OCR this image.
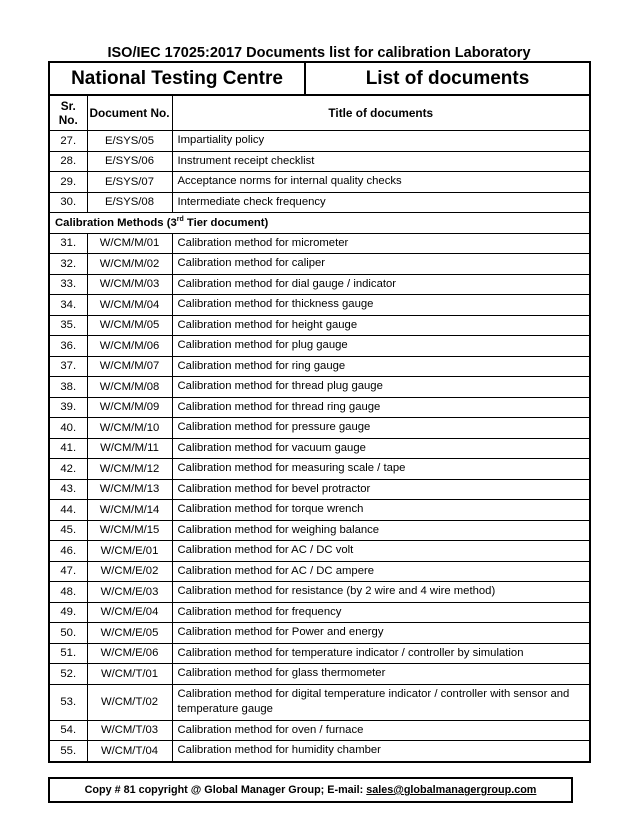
ISO/IEC 17025:2017 Documents list for calibration Laboratory
National Testing Centre			List of documents
Sr. No.	Document No.	Title of documents	
27.	E/SYS/05	Impartiality policy	
28.	E/SYS/06	Instrument receipt checklist	
29.	E/SYS/07	Acceptance norms for internal quality checks	
30.	E/SYS/08	Intermediate check frequency	
Calibration Methods (3rd Tier document)			
31.	W/CM/M/01	Calibration method for micrometer	
32.	W/CM/M/02	Calibration method for caliper	
33.	W/CM/M/03	Calibration method for dial gauge / indicator	
34.	W/CM/M/04	Calibration method for thickness gauge	
35.	W/CM/M/05	Calibration method for height gauge	
36.	W/CM/M/06	Calibration method for plug gauge	
37.	W/CM/M/07	Calibration method for ring gauge	
38.	W/CM/M/08	Calibration method for thread plug gauge	
39.	W/CM/M/09	Calibration method for thread ring gauge	
40.	W/CM/M/10	Calibration method for pressure gauge	
41.	W/CM/M/11	Calibration method for vacuum gauge	
42.	W/CM/M/12	Calibration method for measuring scale / tape	
43.	W/CM/M/13	Calibration method for bevel protractor	
44.	W/CM/M/14	Calibration method for torque wrench	
45.	W/CM/M/15	Calibration method for weighing balance	
46.	W/CM/E/01	Calibration method for AC / DC volt	
47.	W/CM/E/02	Calibration method for AC / DC ampere	
48.	W/CM/E/03	Calibration method for resistance (by 2 wire and 4 wire method)	
49.	W/CM/E/04	Calibration method for frequency	
50.	W/CM/E/05	Calibration method for Power and energy	
51.	W/CM/E/06	Calibration method for temperature indicator / controller by simulation	
52.	W/CM/T/01	Calibration method for glass thermometer	
53.	W/CM/T/02	Calibration method for digital temperature indicator / controller with sensor and temperature gauge	
54.	W/CM/T/03	Calibration method for oven / furnace	
55.	W/CM/T/04	Calibration method for humidity chamber	
Copy # 81 copyright @ Global Manager Group; E-mail: sales@globalmanagergroup.com
